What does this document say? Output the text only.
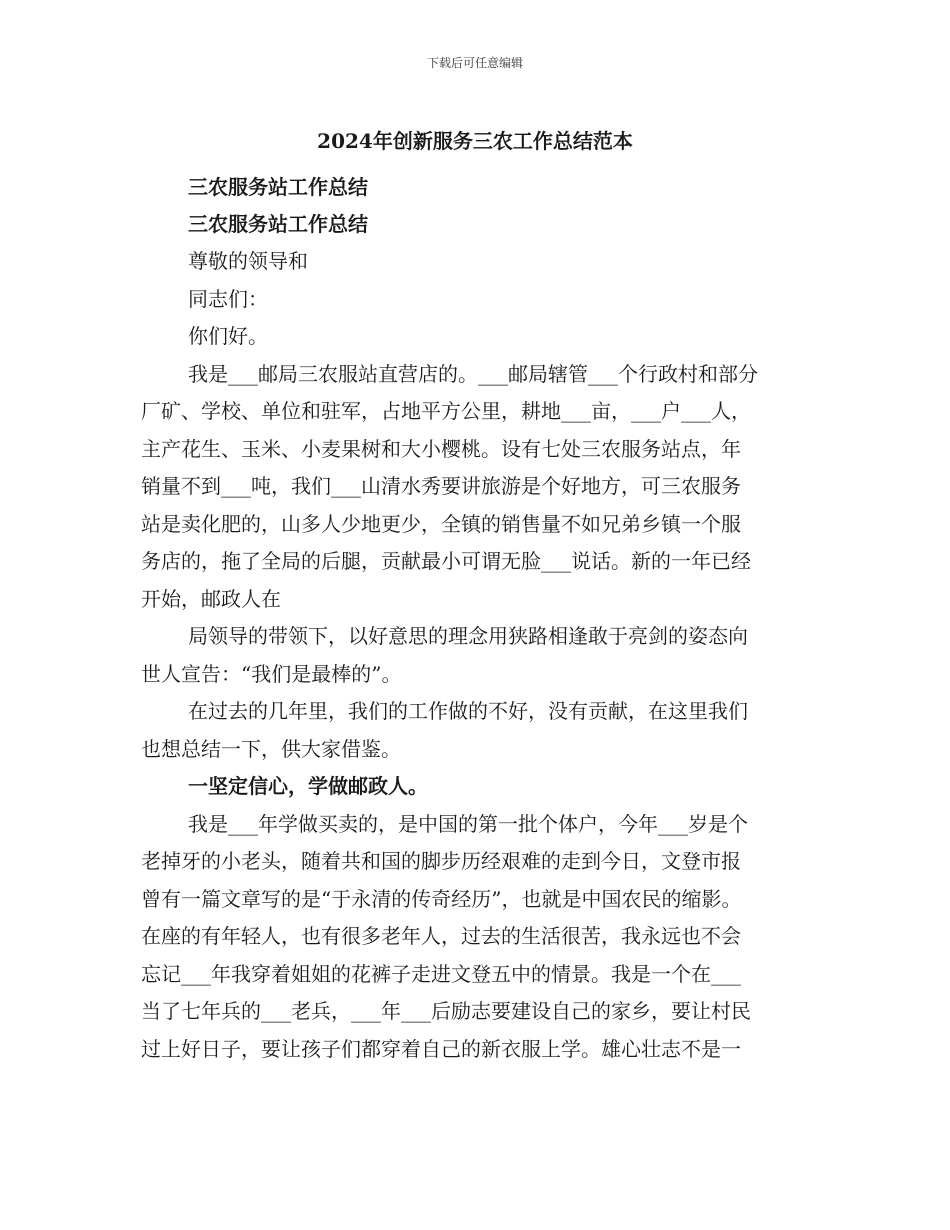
下载后可任意编辑
2024年创新服务三农工作总结范本
三农服务站工作总结
三农服务站工作总结
尊敬的领导和
同志们：
你们好。
我是___邮局三农服站直营店的。___邮局辖管___个行政村和部分
厂矿、学校、单位和驻军，占地平方公里，耕地___亩，___户___人，
主产花生、玉米、小麦果树和大小樱桃。设有七处三农服务站点，年
销量不到___吨，我们___山清水秀要讲旅游是个好地方，可三农服务
站是卖化肥的，山多人少地更少，全镇的销售量不如兄弟乡镇一个服
务店的，拖了全局的后腿，贡献最小可谓无脸___说话。新的一年已经
开始，邮政人在
局领导的带领下，以好意思的理念用狭路相逢敢于亮剑的姿态向
世人宣告：“我们是最棒的”。
在过去的几年里，我们的工作做的不好，没有贡献，在这里我们
也想总结一下，供大家借鉴。
一坚定信心，学做邮政人。
我是___年学做买卖的，是中国的第一批个体户，今年___岁是个
老掉牙的小老头，随着共和国的脚步历经艰难的走到今日，文登市报
曾有一篇文章写的是“于永清的传奇经历”，也就是中国农民的缩影。
在座的有年轻人，也有很多老年人，过去的生活很苦，我永远也不会
忘记___年我穿着姐姐的花裤子走进文登五中的情景。我是一个在___
当了七年兵的___老兵，___年___后励志要建设自己的家乡，要让村民
过上好日子，要让孩子们都穿着自己的新衣服上学。雄心壮志不是一
